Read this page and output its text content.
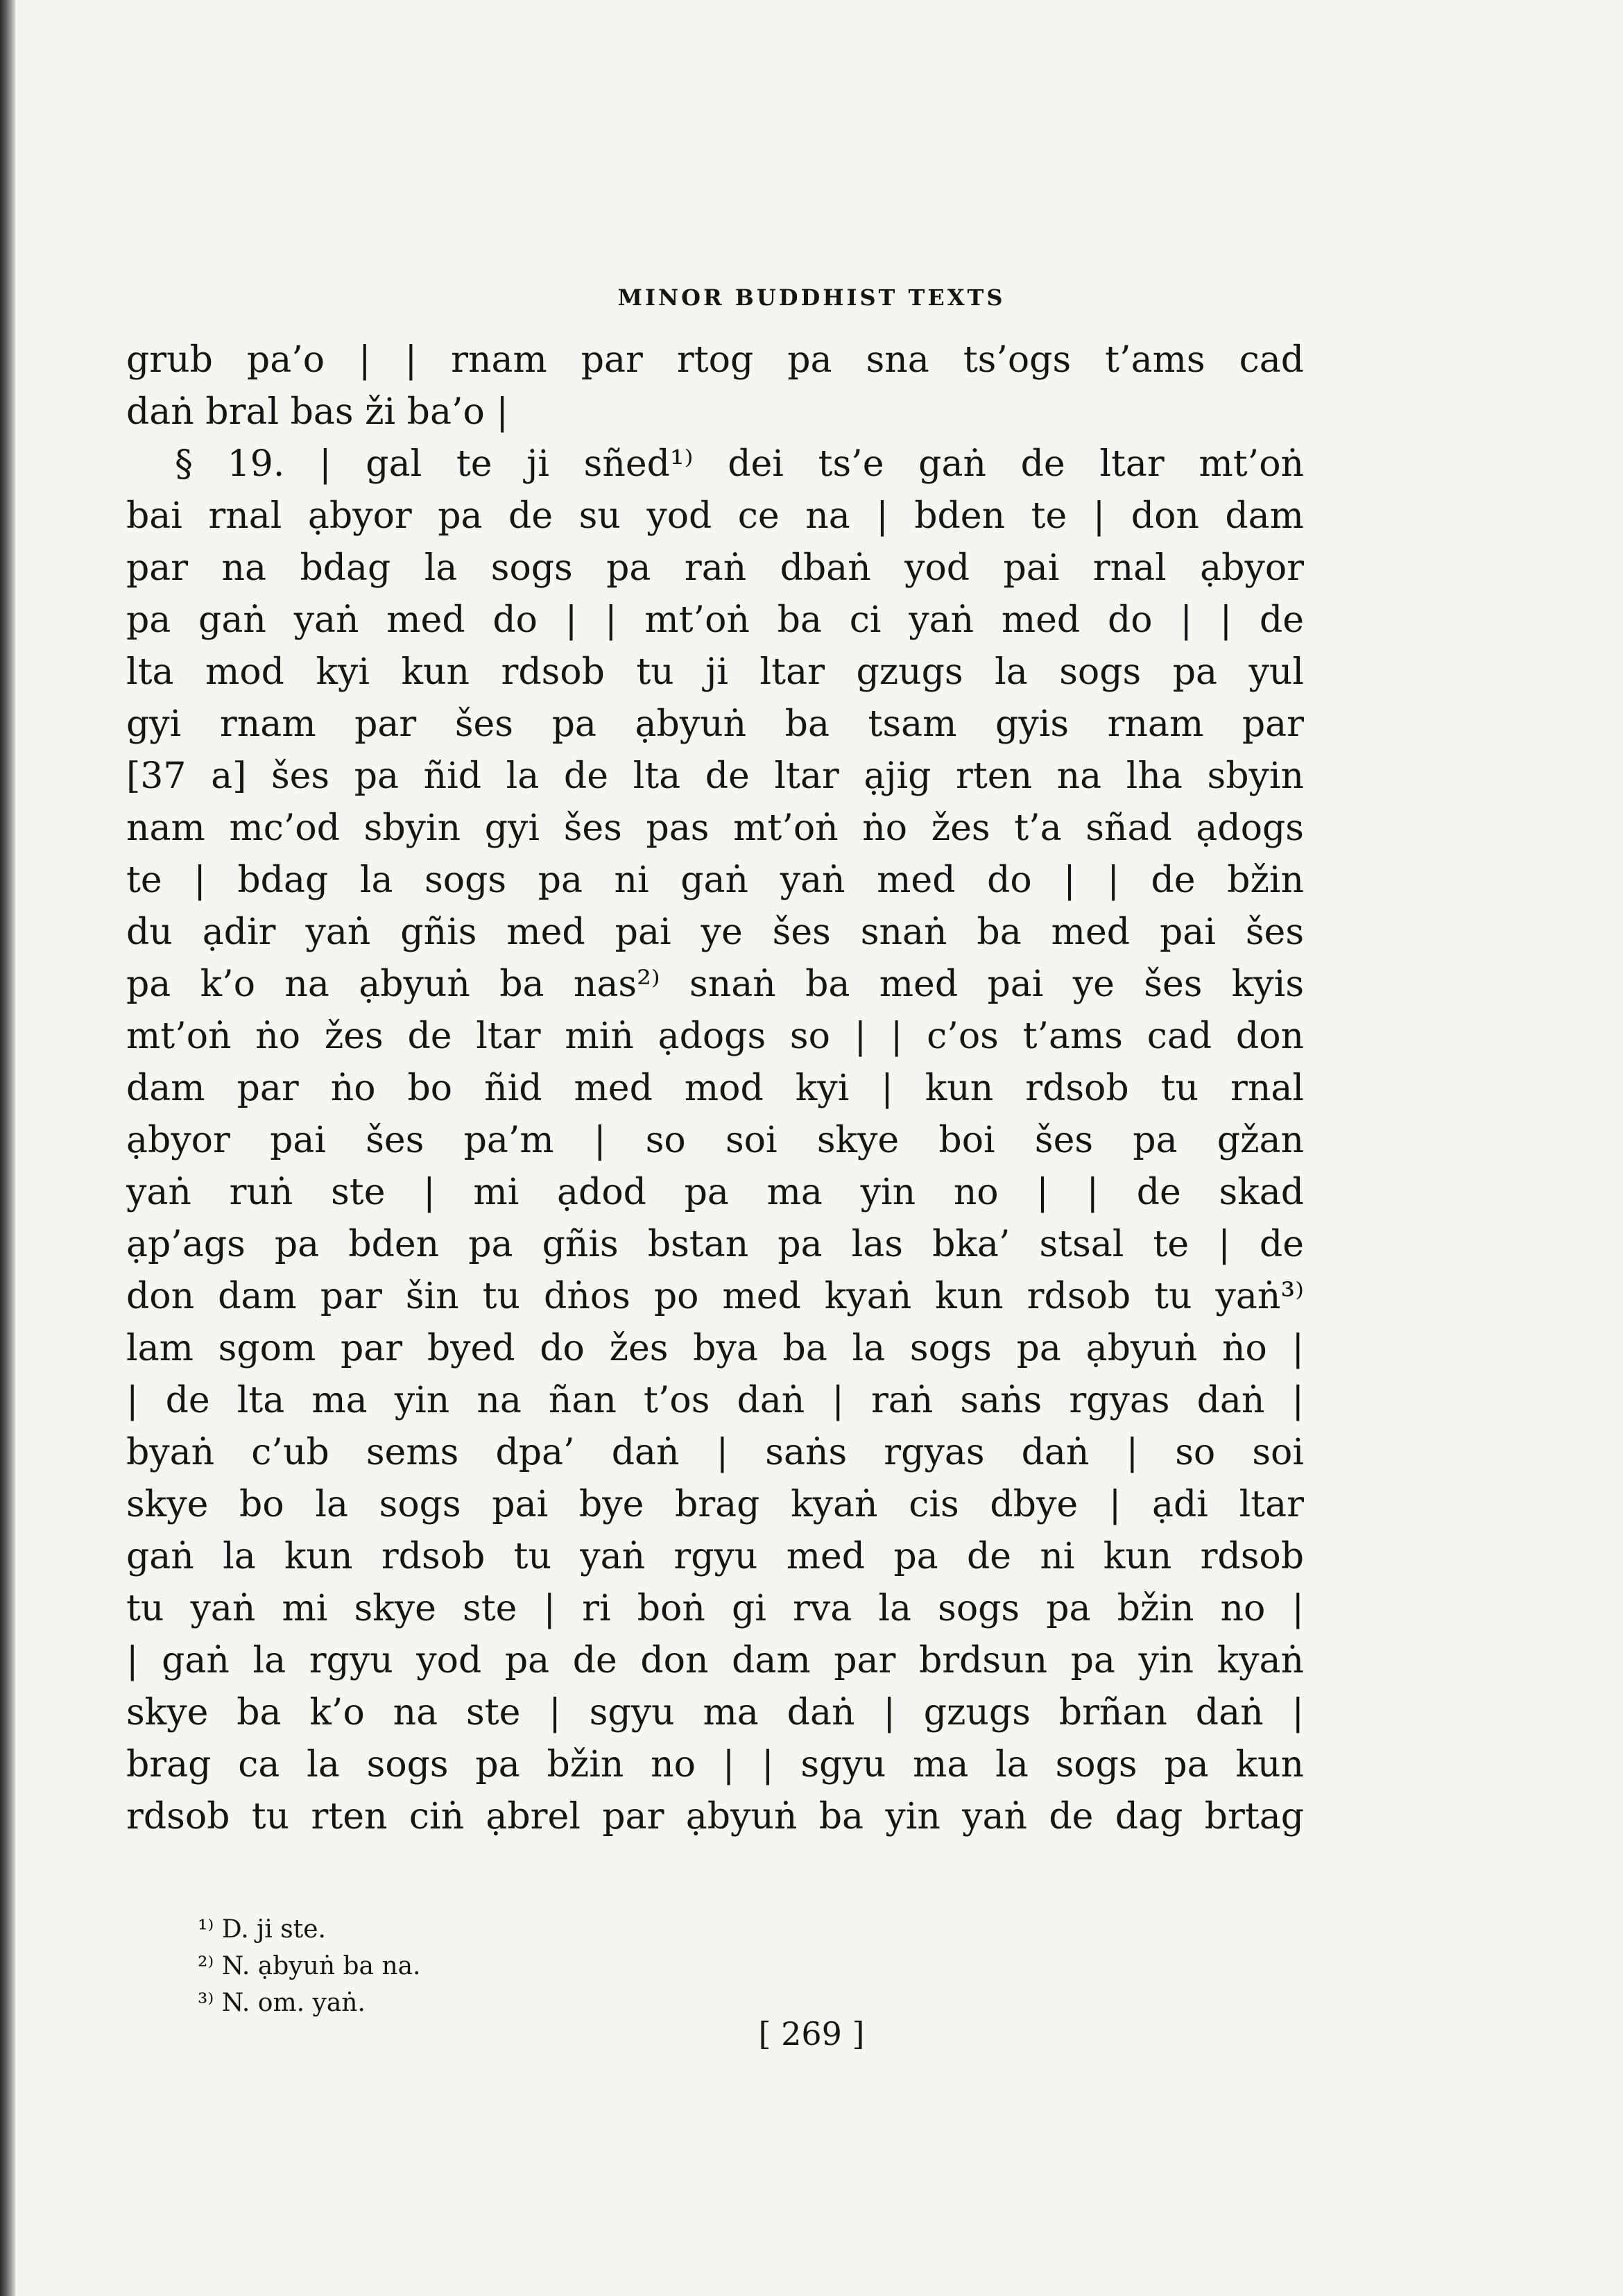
MINOR BUDDHIST TEXTS
grub pa’o | | rnam par rtog pa sna ts’ogs t’ams cad
daṅ bral bas ži ba’o |
§ 19. | gal te ji sñed¹⁾ dei ts’e gaṅ de ltar mt’oṅ
bai rnal ạbyor pa de su yod ce na | bden te | don dam
par na bdag la sogs pa raṅ dbaṅ yod pai rnal ạbyor
pa gaṅ yaṅ med do | | mt’oṅ ba ci yaṅ med do | | de
lta mod kyi kun rdsob tu ji ltar gzugs la sogs pa yul
gyi rnam par šes pa ạbyuṅ ba tsam gyis rnam par
[37 a] šes pa ñid la de lta de ltar ạjig rten na lha sbyin
nam mc’od sbyin gyi šes pas mt’oṅ ṅo žes t’a sñad ạdogs
te | bdag la sogs pa ni gaṅ yaṅ med do | | de bžin
du ạdir yaṅ gñis med pai ye šes snaṅ ba med pai šes
pa k’o na ạbyuṅ ba nas²⁾ snaṅ ba med pai ye šes kyis
mt’oṅ ṅo žes de ltar miṅ ạdogs so | | c’os t’ams cad don
dam par ṅo bo ñid med mod kyi | kun rdsob tu rnal
ạbyor pai šes pa’m | so soi skye boi šes pa gžan
yaṅ ruṅ ste | mi ạdod pa ma yin no | | de skad
ạp’ags pa bden pa gñis bstan pa las bka’ stsal te | de
don dam par šin tu dṅos po med kyaṅ kun rdsob tu yaṅ³⁾
lam sgom par byed do žes bya ba la sogs pa ạbyuṅ ṅo |
| de lta ma yin na ñan t’os daṅ | raṅ saṅs rgyas daṅ |
byaṅ c’ub sems dpa’ daṅ | saṅs rgyas daṅ | so soi
skye bo la sogs pai bye brag kyaṅ cis dbye | ạdi ltar
gaṅ la kun rdsob tu yaṅ rgyu med pa de ni kun rdsob
tu yaṅ mi skye ste | ri boṅ gi rva la sogs pa bžin no |
| gaṅ la rgyu yod pa de don dam par brdsun pa yin kyaṅ
skye ba k’o na ste | sgyu ma daṅ | gzugs brñan daṅ |
brag ca la sogs pa bžin no | | sgyu ma la sogs pa kun
rdsob tu rten ciṅ ạbrel par ạbyuṅ ba yin yaṅ de dag brtag
¹⁾ D. ji ste.
²⁾ N. ạbyuṅ ba na.
³⁾ N. om. yaṅ.
[ 269 ]
